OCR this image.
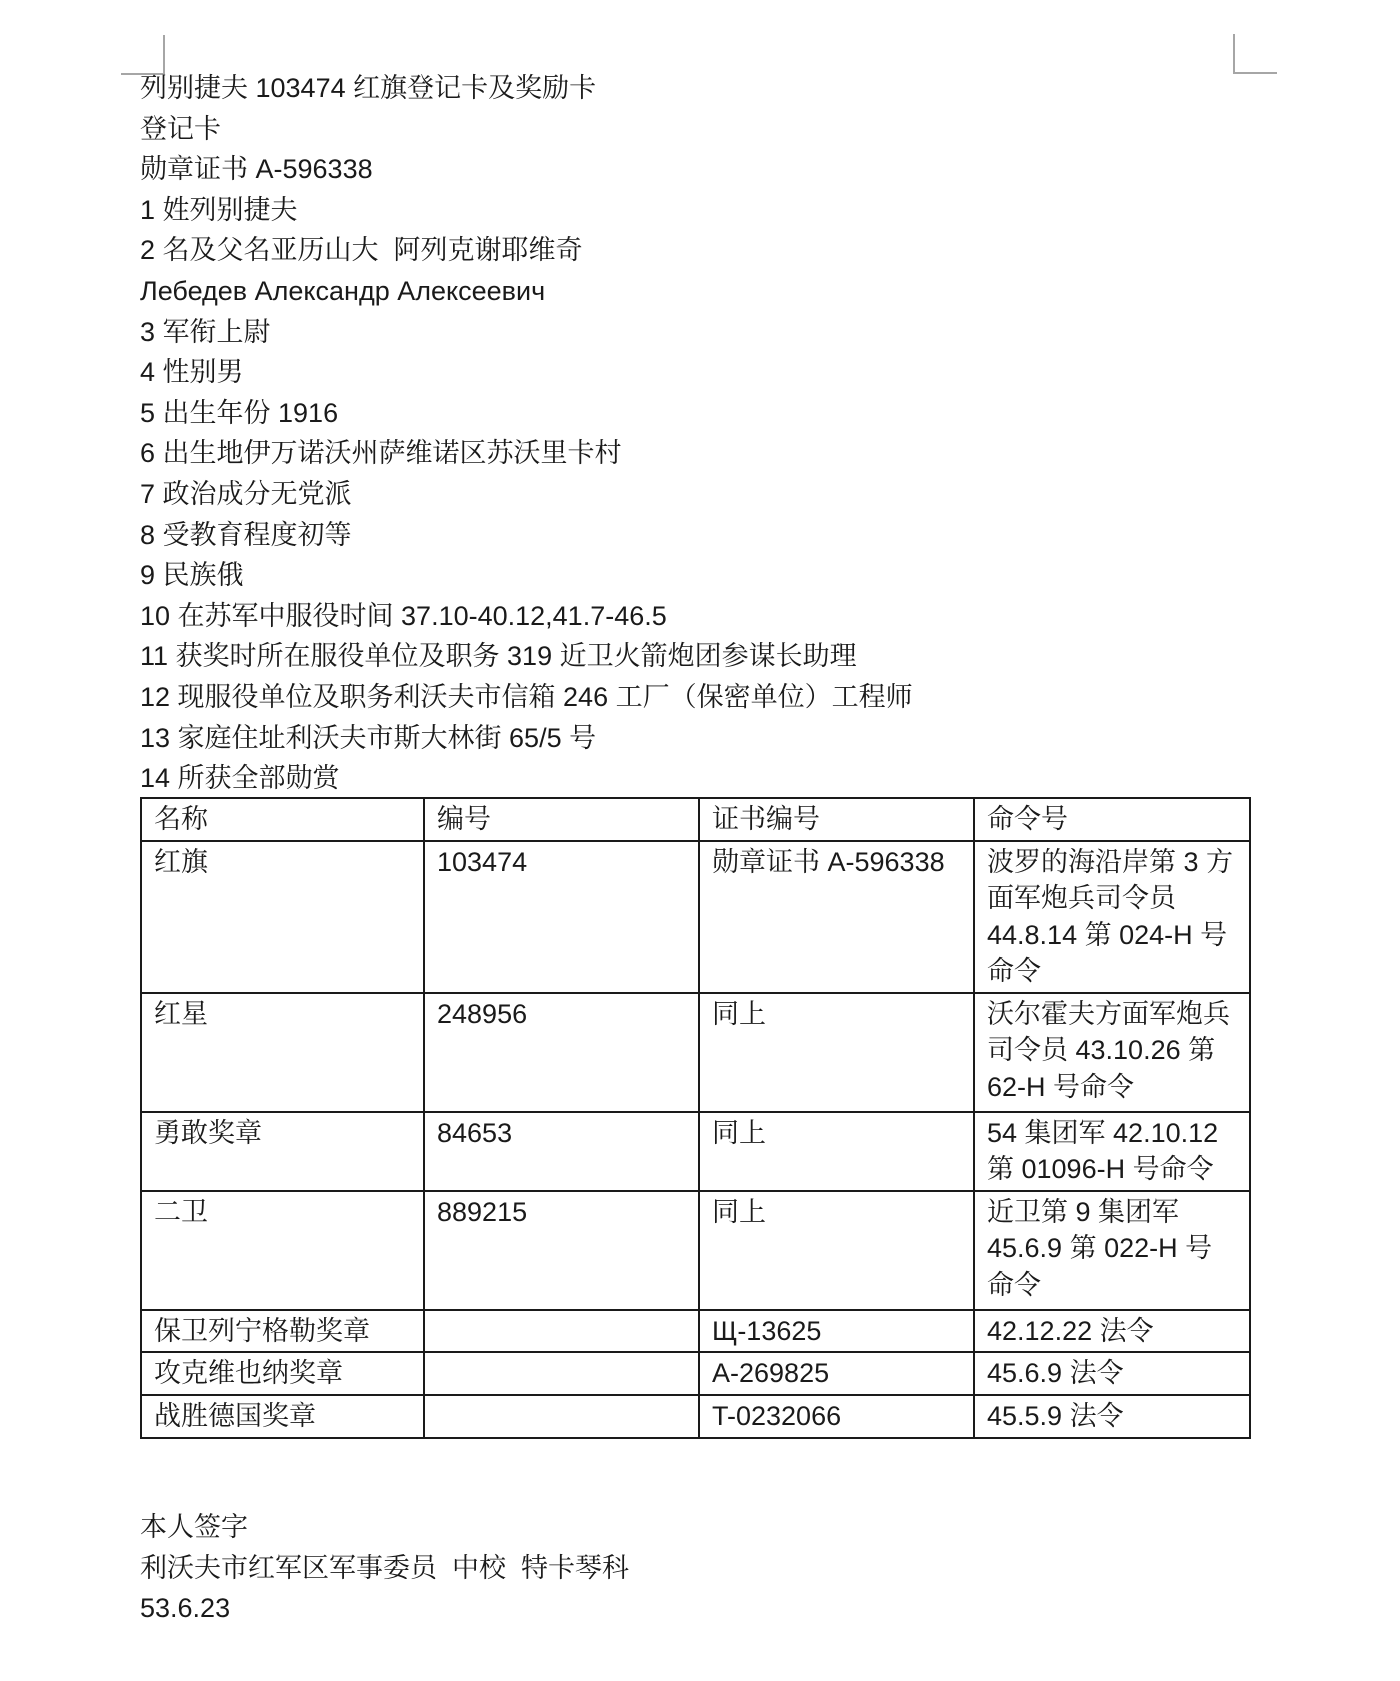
列别捷夫 103474 红旗登记卡及奖励卡

登记卡

勋章证书 A-596338

1 姓列别捷夫

2 名及父名亚历山大  阿列克谢耶维奇

Лебедев Александр Алексеевич

3 军衔上尉

4 性别男

5 出生年份 1916

6 出生地伊万诺沃州萨维诺区苏沃里卡村

7 政治成分无党派

8 受教育程度初等

9 民族俄

10 在苏军中服役时间 37.10-40.12,41.7-46.5

11 获奖时所在服役单位及职务 319 近卫火箭炮团参谋长助理

12 现服役单位及职务利沃夫市信箱 246 工厂（保密单位）工程师

13 家庭住址利沃夫市斯大林街 65/5 号

14 所获全部勋赏

名称	编号	证书编号	命令号
红旗	103474	勋章证书 A-596338	波罗的海沿岸第 3 方面军炮兵司令员 44.8.14 第 024-H 号命令
红星	248956	同上	沃尔霍夫方面军炮兵司令员 43.10.26 第 62-H 号命令
勇敢奖章	84653	同上	54 集团军 42.10.12 第 01096-H 号命令
二卫	889215	同上	近卫第 9 集团军 45.6.9 第 022-H 号命令
保卫列宁格勒奖章		Щ-13625	42.12.22 法令
攻克维也纳奖章		A-269825	45.6.9 法令
战胜德国奖章		T-0232066	45.5.9 法令

本人签字

利沃夫市红军区军事委员  中校  特卡琴科

53.6.23
